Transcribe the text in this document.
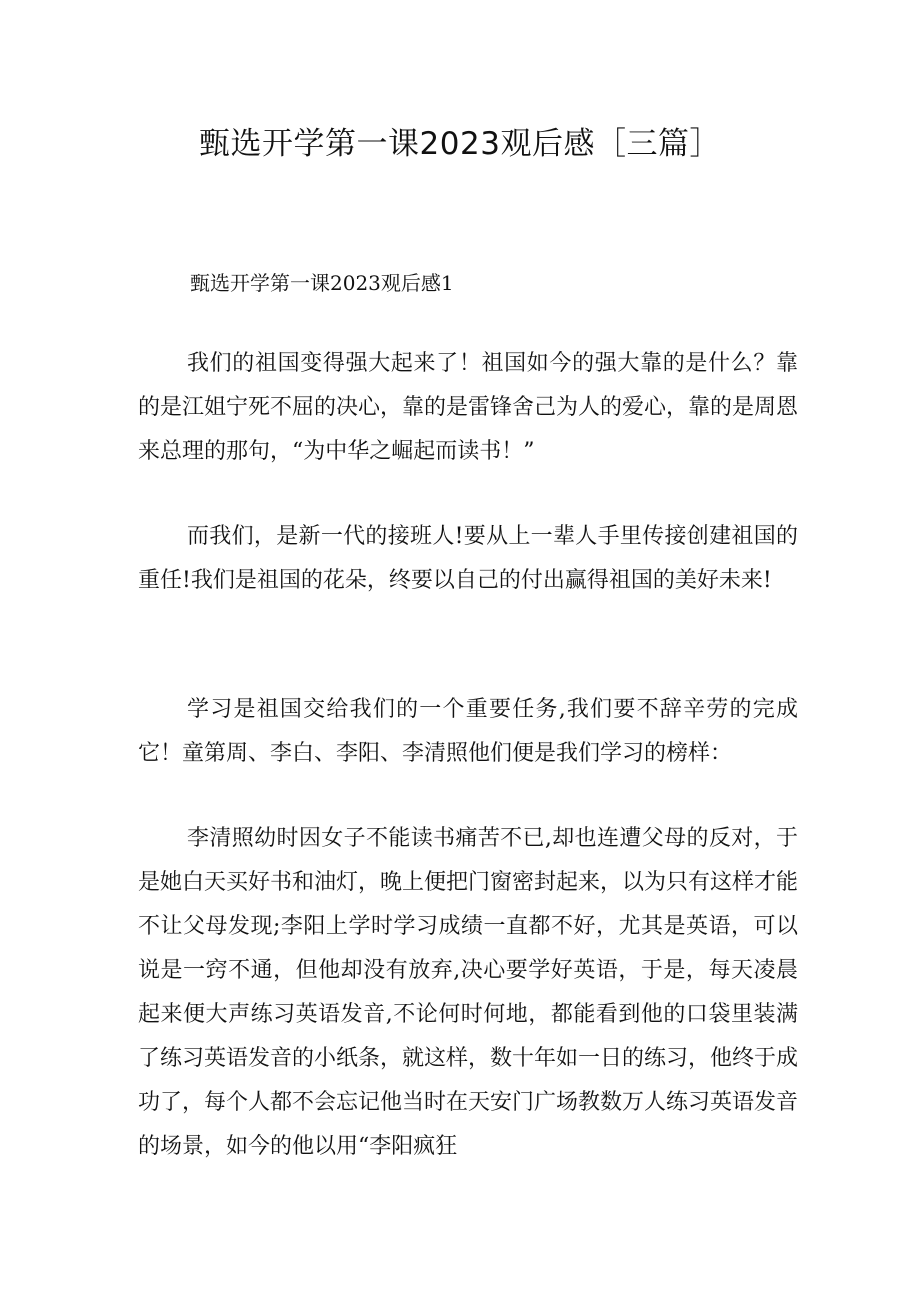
甄选开学第一课2023观后感［三篇］
甄选开学第一课2023观后感1

我们的祖国变得强大起来了！祖国如今的强大靠的是什么？靠的是江姐宁死不屈的决心，靠的是雷锋舍己为人的爱心，靠的是周恩来总理的那句，“为中华之崛起而读书！”

而我们，是新一代的接班人!要从上一辈人手里传接创建祖国的重任!我们是祖国的花朵，终要以自己的付出赢得祖国的美好未来!

学习是祖国交给我们的一个重要任务,我们要不辞辛劳的完成它！童第周、李白、李阳、李清照他们便是我们学习的榜样：

李清照幼时因女子不能读书痛苦不已,却也连遭父母的反对，于是她白天买好书和油灯，晚上便把门窗密封起来，以为只有这样才能不让父母发现;李阳上学时学习成绩一直都不好，尤其是英语，可以说是一窍不通，但他却没有放弃,决心要学好英语，于是，每天凌晨起来便大声练习英语发音,不论何时何地，都能看到他的口袋里装满了练习英语发音的小纸条，就这样，数十年如一日的练习，他终于成功了，每个人都不会忘记他当时在天安门广场教数万人练习英语发音的场景，如今的他以用“李阳疯狂
